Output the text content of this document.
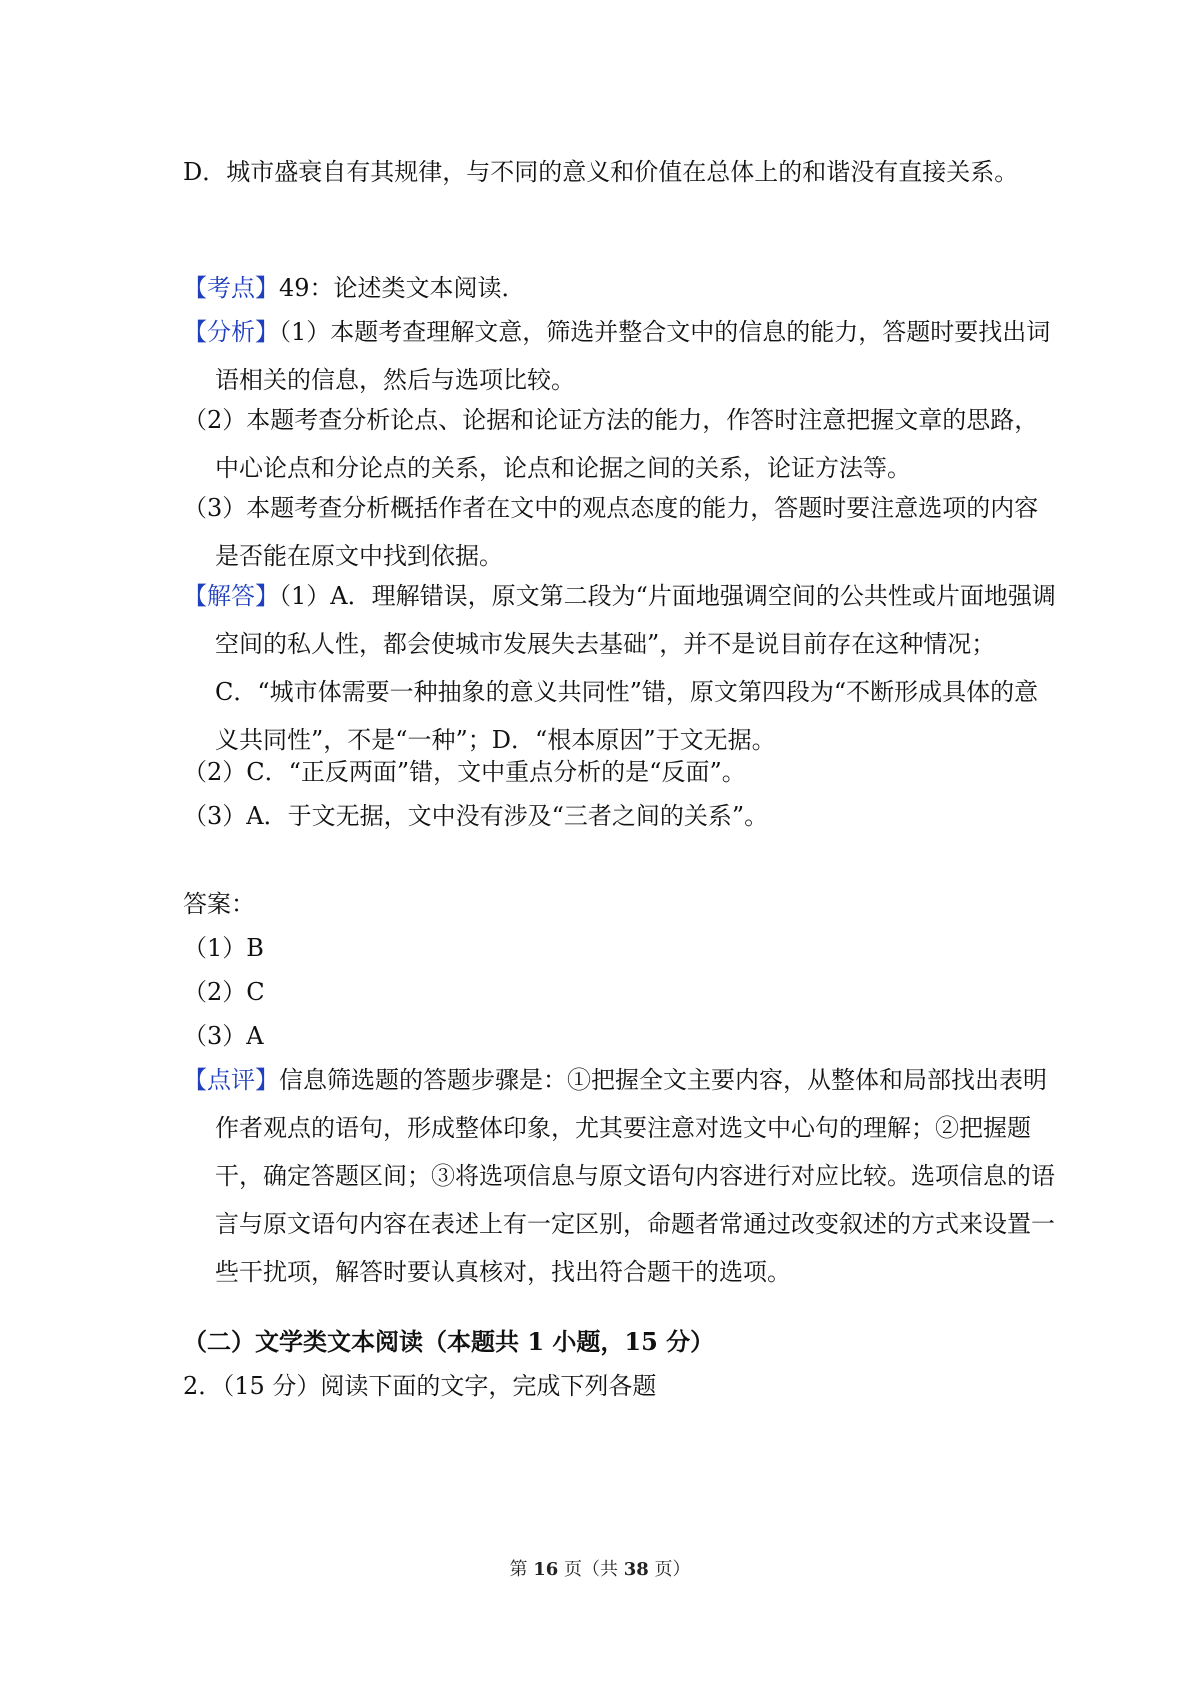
D．城市盛衰自有其规律，与不同的意义和价值在总体上的和谐没有直接关系。
【考点】49：论述类文本阅读．
【分析】（1）本题考查理解文意，筛选并整合文中的信息的能力，答题时要找出词语相关的信息，然后与选项比较。
（2）本题考查分析论点、论据和论证方法的能力，作答时注意把握文章的思路，中心论点和分论点的关系，论点和论据之间的关系，论证方法等。
（3）本题考查分析概括作者在文中的观点态度的能力，答题时要注意选项的内容是否能在原文中找到依据。
【解答】（1）A．理解错误，原文第二段为“片面地强调空间的公共性或片面地强调空间的私人性，都会使城市发展失去基础”，并不是说目前存在这种情况；C．“城市体需要一种抽象的意义共同性”错，原文第四段为“不断形成具体的意义共同性”，不是“一种”；D．“根本原因”于文无据。
（2）C．“正反两面”错，文中重点分析的是“反面”。
（3）A．于文无据，文中没有涉及“三者之间的关系”。
答案：
（1）B
（2）C
（3）A
【点评】信息筛选题的答题步骤是：①把握全文主要内容，从整体和局部找出表明作者观点的语句，形成整体印象，尤其要注意对选文中心句的理解；②把握题干，确定答题区间；③将选项信息与原文语句内容进行对应比较。选项信息的语言与原文语句内容在表述上有一定区别，命题者常通过改变叙述的方式来设置一些干扰项，解答时要认真核对，找出符合题干的选项。
（二）文学类文本阅读（本题共 1 小题，15 分）
2．（15 分）阅读下面的文字，完成下列各题
第 16 页（共 38 页）
